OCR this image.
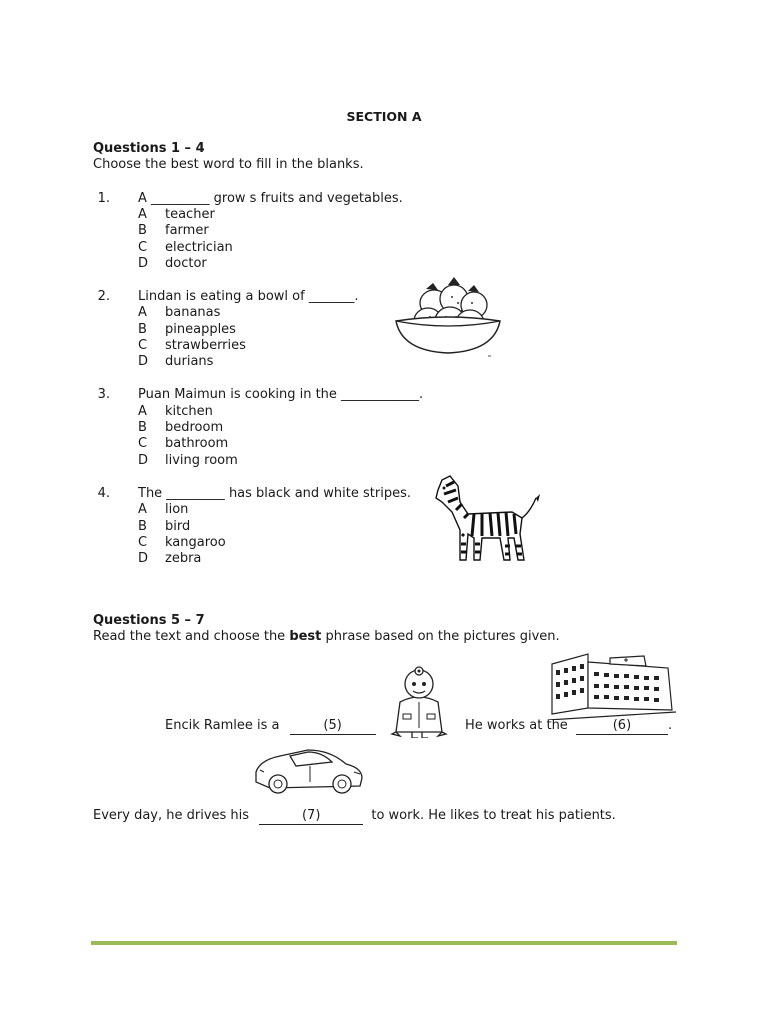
SECTION A
Questions 1 – 4
Choose the best word to fill in the blanks.
1. A _________ grow s fruits and vegetables.
A	teacher
B	farmer
C	electrician
D	doctor
2. Lindan is eating a bowl of _______.
A	bananas
B	pineapples
C	strawberries
D	durians
3. Puan Maimun is cooking in the ____________.
A	kitchen
B	bedroom
C	bathroom
D	living room
4. The _________ has black and white stripes.
A	lion
B	bird
C	kangaroo
D	zebra
Questions 5 – 7
Read the text and choose the best phrase based on the pictures given.
Encik Ramlee is a	(5)	He works at the	(6)	.
Every day, he drives his	(7)	to work. He likes to treat his patients.
